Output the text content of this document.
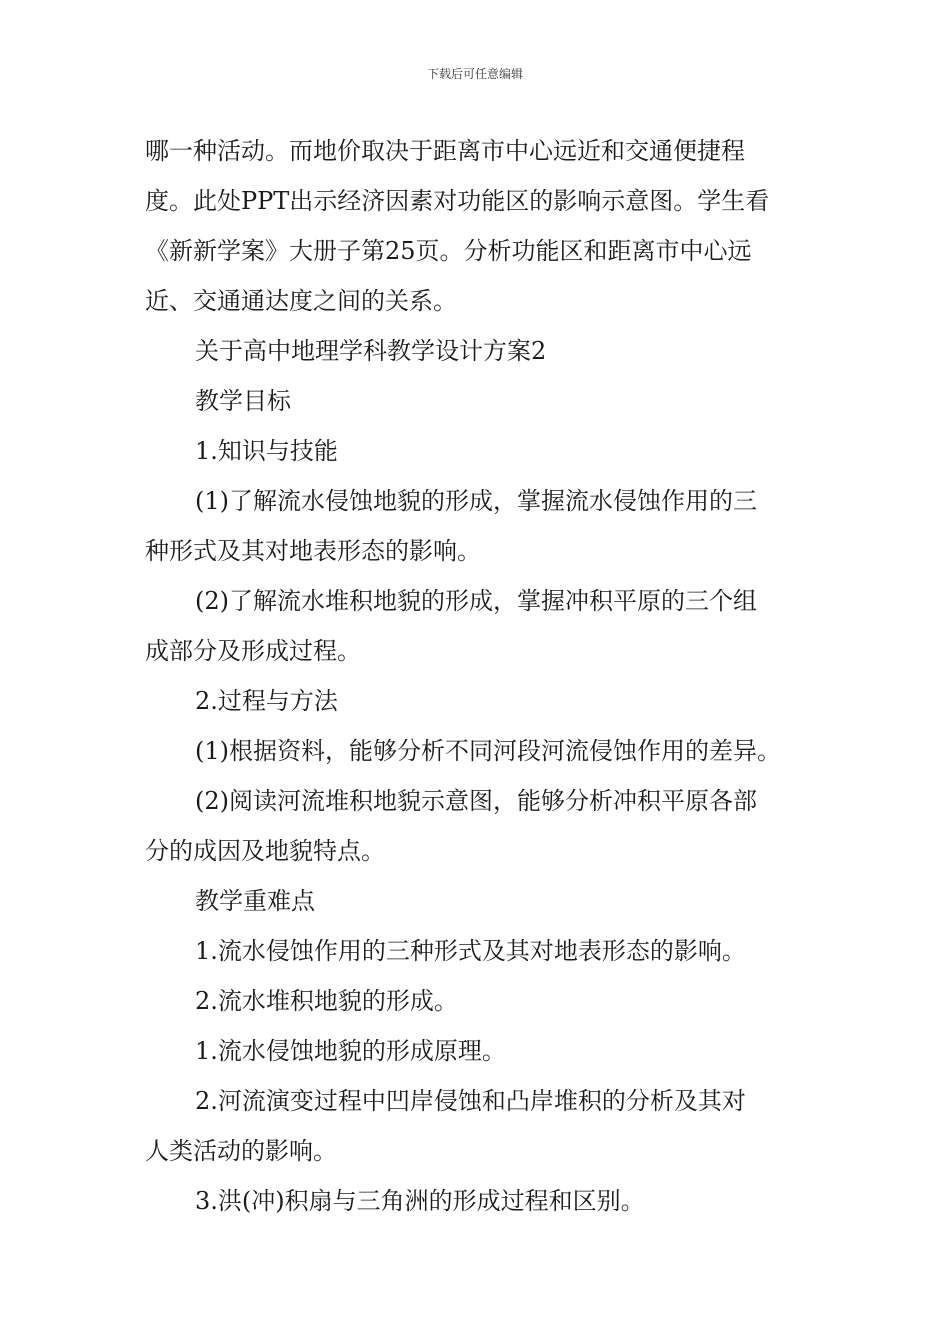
下载后可任意编辑
哪一种活动。而地价取决于距离市中心远近和交通便捷程
度。此处PPT出示经济因素对功能区的影响示意图。学生看
《新新学案》大册子第25页。分析功能区和距离市中心远
近、交通通达度之间的关系。
关于高中地理学科教学设计方案2
教学目标
1.知识与技能
(1)了解流水侵蚀地貌的形成，掌握流水侵蚀作用的三
种形式及其对地表形态的影响。
(2)了解流水堆积地貌的形成，掌握冲积平原的三个组
成部分及形成过程。
2.过程与方法
(1)根据资料，能够分析不同河段河流侵蚀作用的差异。
(2)阅读河流堆积地貌示意图，能够分析冲积平原各部
分的成因及地貌特点。
教学重难点
1.流水侵蚀作用的三种形式及其对地表形态的影响。
2.流水堆积地貌的形成。
1.流水侵蚀地貌的形成原理。
2.河流演变过程中凹岸侵蚀和凸岸堆积的分析及其对
人类活动的影响。
3.洪(冲)积扇与三角洲的形成过程和区别。
